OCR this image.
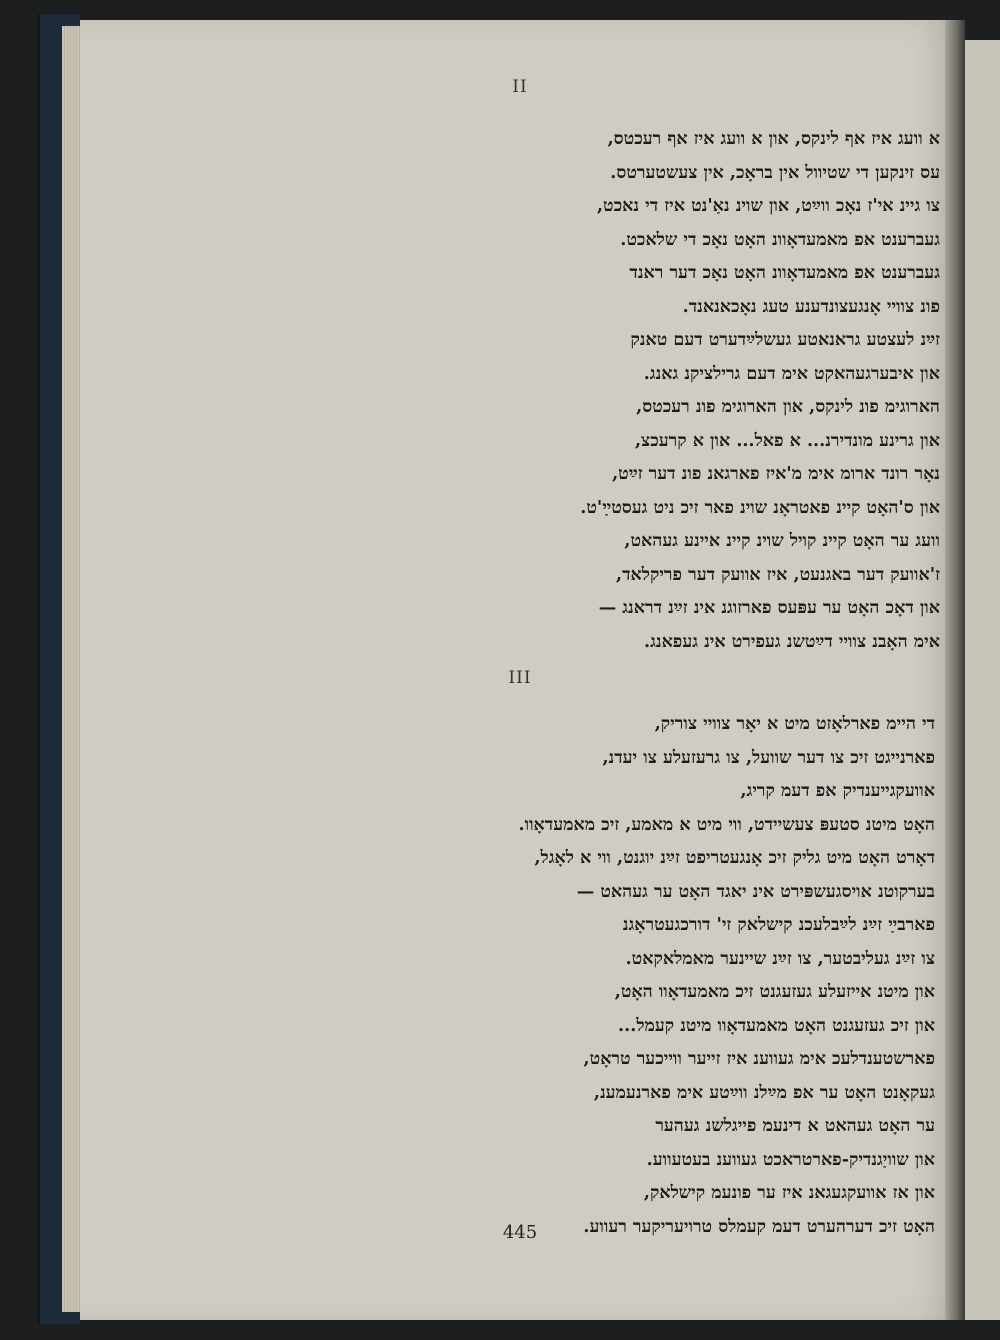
II
א וועג איז אף לינקס, און א וועג איז אף רעכטס,
עס זינקען די שטיוול אין בראָכ, אין צעשטערטס.
צו גיינ אי'ז נאָכ ווײַט, און שוינ נאַ'נט איז די נאכט,
געברענט אפ מאמעדאָוונ האָט נאָכ די שלאכט.
געברענט אפ מאמעדאָוונ האָט נאָכ דער ראנד
פונ צוויי אָנגעצונדענע טעג נאָכאנאנד.
זײַנ לעצטע גראנאטע געשלײַדערט דעם טאנק
און איבערגעהאקט אימ דעם גרילציקנ גאנג.
הארוגימ פונ לינקס, און הארוגימ פונ רעכטס,
און גרינע מונדירנ... א פאל... און א קרעכצ,
נאָר רונד ארומ אימ מ'איז פארגאנ פונ דער זײַט,
און ס'האָט קיינ פאטראָנ שוינ פאר זיכ ניט געסטײַ'ט.
וועג ער האָט קיינ קויל שוינ קיינ איינע געהאט,
ז'אוועק דער באגנעט, איז אוועק דער פריקלאד,
און דאָכ האָט ער עפּעס פארזוגנ אינ זײַנ דראנג —
אימ האָבנ צוויי דײַטשנ געפירט אינ געפאנג.
III
די היימ פארלאָזט מיט א יאָר צוויי צוריק,
פארנייגט זיכ צו דער שוועל, צו גרעזעלע צו יעדנ,
אוועקגייענדיק אפ דעמ קריג,
האָט מיטנ סטעפּ צעשיידט, ווי מיט א מאמע, זיכ מאמעדאָוו.
דאָרט האָט מיט גליק זיכ אָנגעטריפט זײַנ יוגנט, ווי א לאָגל,
בערקוטנ אויסגעשפּירט אינ יאגד האָט ער געהאט —
פארבײַ זײַנ לײַבלעכנ קישלאק זי' דורכגעטראָגנ
צו זײַנ געליבטער, צו זײַנ שיינער מאמלאקאט.
און מיטנ אייזעלע געזעגנט זיכ מאמעדאָוו האָט,
און זיכ געזעגנט האָט מאמעדאָוו מיטנ קעמל...
פארשטענדלעכ אימ געווענ איז זייער ווייכער טראָט,
געקאָנט האָט ער אפ מײַלנ ווײַטע אימ פארנעמענ,
ער האָט געהאט א דינעמ פייגלשנ געהער
און שוויַגנדיק-פארטראכט געווענ בעטעווע.
און אז אוועקגעגאנ איז ער פונעמ קישלאק,
האָט זיכ דערהערט דעמ קעמלס טרויעריקער רעווע.
445
